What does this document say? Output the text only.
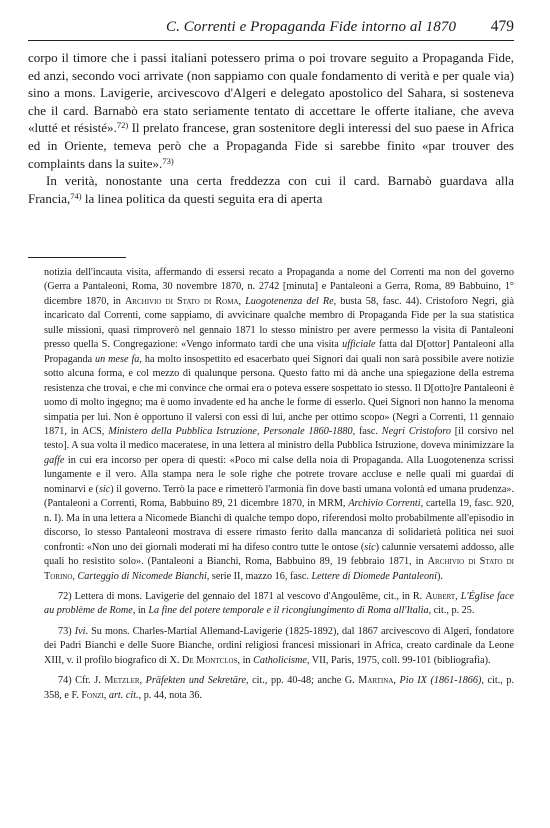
C. Correnti e Propaganda Fide intorno al 1870 479

corpo il timore che i passi italiani potessero prima o poi trovare seguito a Propaganda Fide, ed anzi, secondo voci arrivate (non sappiamo con quale fondamento di verità e per quale via) sino a mons. Lavigerie, arcivescovo d'Algeri e delegato apostolico del Sahara, si sosteneva che il card. Barnabò era stato seriamente tentato di accettare le offerte italiane, che aveva «lutté et résisté».$^{72)}$ Il prelato francese, gran sostenitore degli interessi del suo paese in Africa ed in Oriente, temeva però che a Propaganda Fide si sarebbe finito «par trouver des complaints dans la suite».$^{73)}$

In verità, nonostante una certa freddezza con cui il card. Barnabò guardava alla Francia,$^{74)}$ la linea politica da questi seguita era di aperta

notizia dell'incauta visita, affermando di essersi recato a Propaganda a nome del Correnti ma non del governo (Gerra a Pantaleoni, Roma, 30 novembre 1870, n. 2742 [minuta] e Pantaleoni a Gerra, Roma, 89 Babbuino, 1° dicembre 1870, in Archivio di Stato di Roma, Luogotenenza del Re, busta 58, fasc. 44). Cristoforo Negri, già incaricato dal Correnti, come sappiamo, di avvicinare qualche membro di Propaganda Fide per la sua statistica sulle missioni, quasi rimproverò nel gennaio 1871 lo stesso ministro per avere permesso la visita di Pantaleoni presso quella S. Congregazione: «Vengo informato tardi che una visita ufficiale fatta dal D[ottor] Pantaleoni alla Propaganda un mese fa, ha molto insospettito ed esacerbato quei Signori dai quali non sarà possibile avere notizie sotto alcuna forma, e col mezzo di qualunque persona. Questo fatto mi dà anche una spiegazione della estrema resistenza che trovai, e che mi convince che ormai era o poteva essere sospettato io stesso. Il D[otto]re Pantaleoni è uomo di molto ingegno; ma è uomo invadente ed ha anche le forme di esserlo. Quei Signori non hanno la menoma simpatia per lui. Non è opportuno il valersi con essi di lui, anche per ottimo scopo» (Negri a Correnti, 11 gennaio 1871, in ACS, Ministero della Pubblica Istruzione, Personale 1860-1880, fasc. Negri Cristoforo [il corsivo nel testo]. A sua volta il medico maceratese, in una lettera al ministro della Pubblica Istruzione, doveva minimizzare la gaffe in cui era incorso per opera di questi: «Poco mi calse della noia di Propaganda. Alla Luogotenenza scrissi lungamente e il vero. Alla stampa nera le sole righe che potrete trovare accluse e nelle quali mi guardai di nominarvi e (sic) il governo. Terrò la pace e rimetterò l'armonia fin dove basti umana volontà ed umana prudenza». (Pantaleoni a Correnti, Roma, Babbuino 89, 21 dicembre 1870, in MRM, Archivio Correnti, cartella 19, fasc. 920, n. I). Ma in una lettera a Nicomede Bianchi di qualche tempo dopo, riferendosi molto probabilmente all'episodio in discorso, lo stesso Pantaleoni mostrava di essere rimasto ferito dalla mancanza di solidarietà politica nei suoi confronti: «Non uno dei giornali moderati mi ha difeso contro tutte le ontose (sic) calunnie versatemi addosso, alle quali ho resistito solo». (Pantaleoni a Bianchi, Roma, Babbuino 89, 19 febbraio 1871, in Archivio di Stato di Torino, Carteggio di Nicomede Bianchi, serie II, mazzo 16, fasc. Lettere di Diomede Pantaleoni).

72) Lettera di mons. Lavigerie del gennaio del 1871 al vescovo d'Angoulême, cit., in R. Aubert, L'Église face au problème de Rome, in La fine del potere temporale e il ricongiungimento di Roma all'Italia, cit., p. 25.

73) Ivi. Su mons. Charles-Martial Allemand-Lavigerie (1825-1892), dal 1867 arcivescovo di Algeri, fondatore dei Padri Bianchi e delle Suore Bianche, ordini religiosi francesi missionari in Africa, creato cardinale da Leone XIII, v. il profilo biografico di X. De Montclos, in Catholicisme, VII, Paris, 1975, coll. 99-101 (bibliografia).

74) Cfr. J. Metzler, Präfekten und Sekretäre, cit., pp. 40-48; anche G. Martina, Pio IX (1861-1866), cit., p. 358, e F. Fonzi, art. cit., p. 44, nota 36.
